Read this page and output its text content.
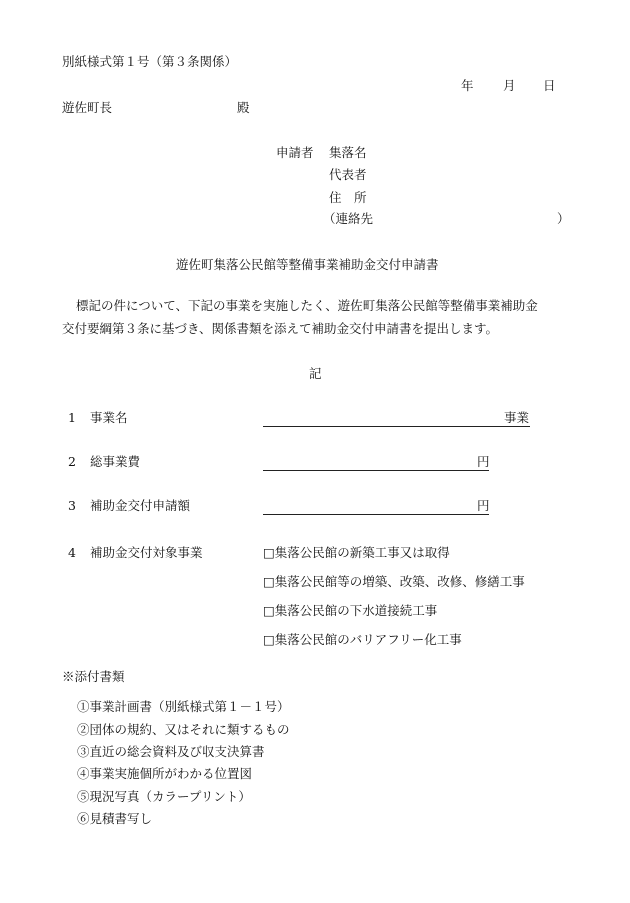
別紙様式第１号（第３条関係）
年 月 日
遊佐町長	殿
申請者 集落名
代表者
住　所
（連絡先	）
遊佐町集落公民館等整備事業補助金交付申請書
標記の件について、下記の事業を実施したく、遊佐町集落公民館等整備事業補助金
交付要綱第３条に基づき、関係書類を添えて補助金交付申請書を提出します。
記
1 事業名	事業
2 総事業費	円
3 補助金交付申請額	円
4 補助金交付対象事業	□集落公民館の新築工事又は取得
□集落公民館等の増築、改築、改修、修繕工事
□集落公民館の下水道接続工事
□集落公民館のバリアフリー化工事
※添付書類
①事業計画書（別紙様式第１－１号）
②団体の規約、又はそれに類するもの
③直近の総会資料及び収支決算書
④事業実施個所がわかる位置図
⑤現況写真（カラープリント）
⑥見積書写し
